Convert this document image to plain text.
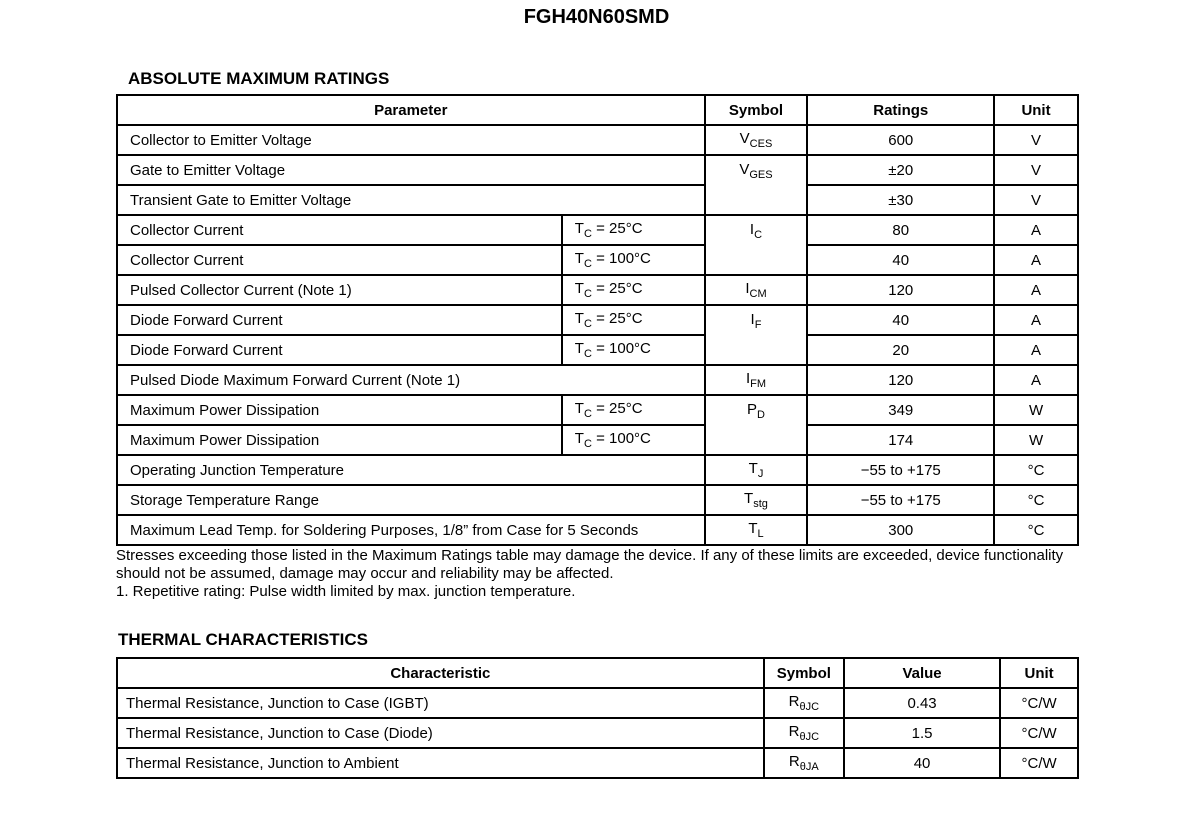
FGH40N60SMD
ABSOLUTE MAXIMUM RATINGS
Parameter		Symbol	Ratings	Unit
Collector to Emitter Voltage		$V_{CES}$	600	V
Gate to Emitter Voltage		$V_{GES}$	±20	V
Transient Gate to Emitter Voltage			±30	V
Collector Current	$T_C = 25^\circ C$	$I_C$	80	A
Collector Current	$T_C = 100^\circ C$		40	A
Pulsed Collector Current (Note 1)	$T_C = 25^\circ C$	$I_{CM}$	120	A
Diode Forward Current	$T_C = 25^\circ C$	$I_F$	40	A
Diode Forward Current	$T_C = 100^\circ C$		20	A
Pulsed Diode Maximum Forward Current (Note 1)		$I_{FM}$	120	A
Maximum Power Dissipation	$T_C = 25^\circ C$	$P_D$	349	W
Maximum Power Dissipation	$T_C = 100^\circ C$		174	W
Operating Junction Temperature		$T_J$	−55 to +175	°C
Storage Temperature Range		$T_{stg}$	−55 to +175	°C
Maximum Lead Temp. for Soldering Purposes, 1/8” from Case for 5 Seconds		$T_L$	300	°C

Stresses exceeding those listed in the Maximum Ratings table may damage the device. If any of these limits are exceeded, device functionality should not be assumed, damage may occur and reliability may be affected.

1. Repetitive rating: Pulse width limited by max. junction temperature.

THERMAL CHARACTERISTICS
Characteristic	Symbol	Value	Unit
Thermal Resistance, Junction to Case (IGBT)	$R_{\theta JC}$	0.43	°C/W
Thermal Resistance, Junction to Case (Diode)	$R_{\theta JC}$	1.5	°C/W
Thermal Resistance, Junction to Ambient	$R_{\theta JA}$	40	°C/W
